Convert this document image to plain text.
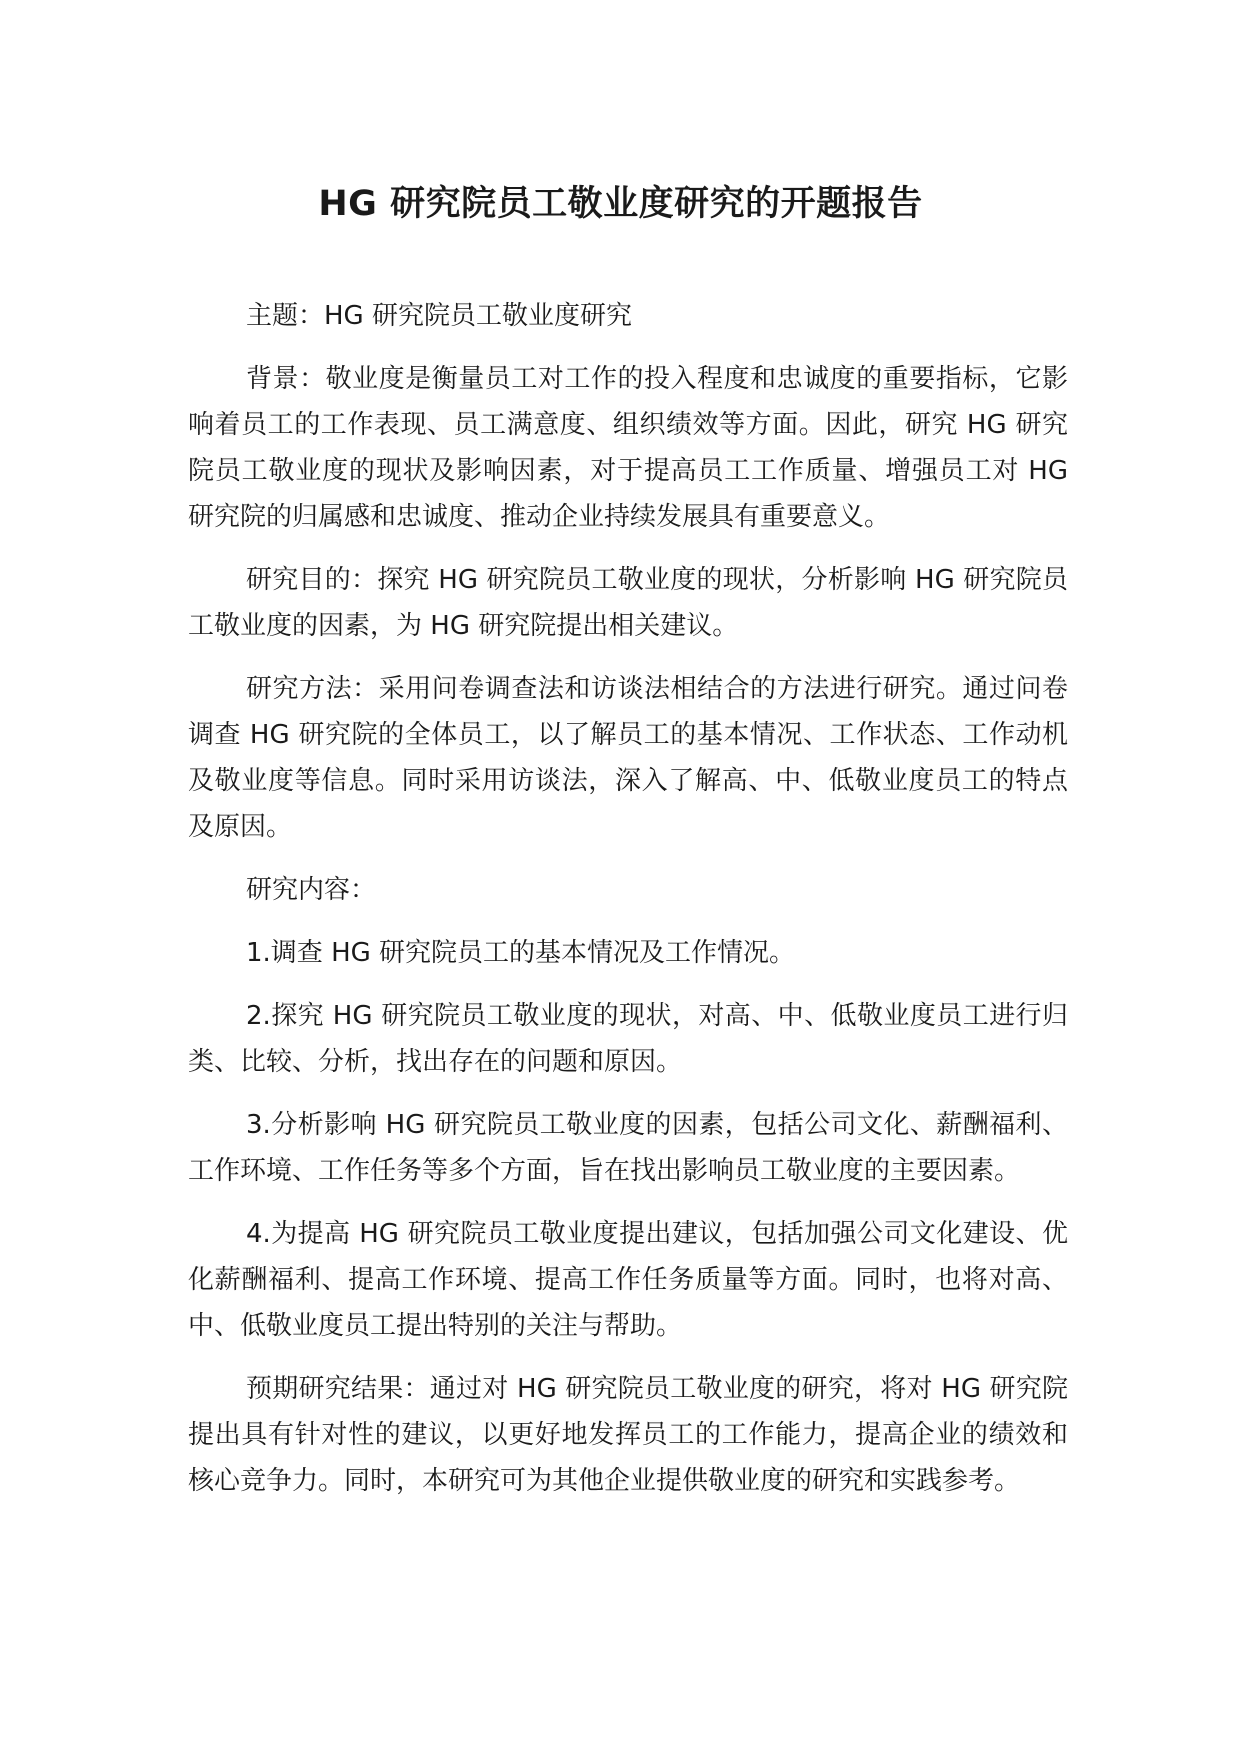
HG 研究院员工敬业度研究的开题报告

主题：HG 研究院员工敬业度研究

背景：敬业度是衡量员工对工作的投入程度和忠诚度的重要指标，它影响着员工的工作表现、员工满意度、组织绩效等方面。因此，研究 HG 研究院员工敬业度的现状及影响因素，对于提高员工工作质量、增强员工对 HG 研究院的归属感和忠诚度、推动企业持续发展具有重要意义。

研究目的：探究 HG 研究院员工敬业度的现状，分析影响 HG 研究院员工敬业度的因素，为 HG 研究院提出相关建议。

研究方法：采用问卷调查法和访谈法相结合的方法进行研究。通过问卷调查 HG 研究院的全体员工，以了解员工的基本情况、工作状态、工作动机及敬业度等信息。同时采用访谈法，深入了解高、中、低敬业度员工的特点及原因。

研究内容：

1.调查 HG 研究院员工的基本情况及工作情况。

2.探究 HG 研究院员工敬业度的现状，对高、中、低敬业度员工进行归类、比较、分析，找出存在的问题和原因。

3.分析影响 HG 研究院员工敬业度的因素，包括公司文化、薪酬福利、工作环境、工作任务等多个方面，旨在找出影响员工敬业度的主要因素。

4.为提高 HG 研究院员工敬业度提出建议，包括加强公司文化建设、优化薪酬福利、提高工作环境、提高工作任务质量等方面。同时，也将对高、中、低敬业度员工提出特别的关注与帮助。

预期研究结果：通过对 HG 研究院员工敬业度的研究，将对 HG 研究院提出具有针对性的建议，以更好地发挥员工的工作能力，提高企业的绩效和核心竞争力。同时，本研究可为其他企业提供敬业度的研究和实践参考。
